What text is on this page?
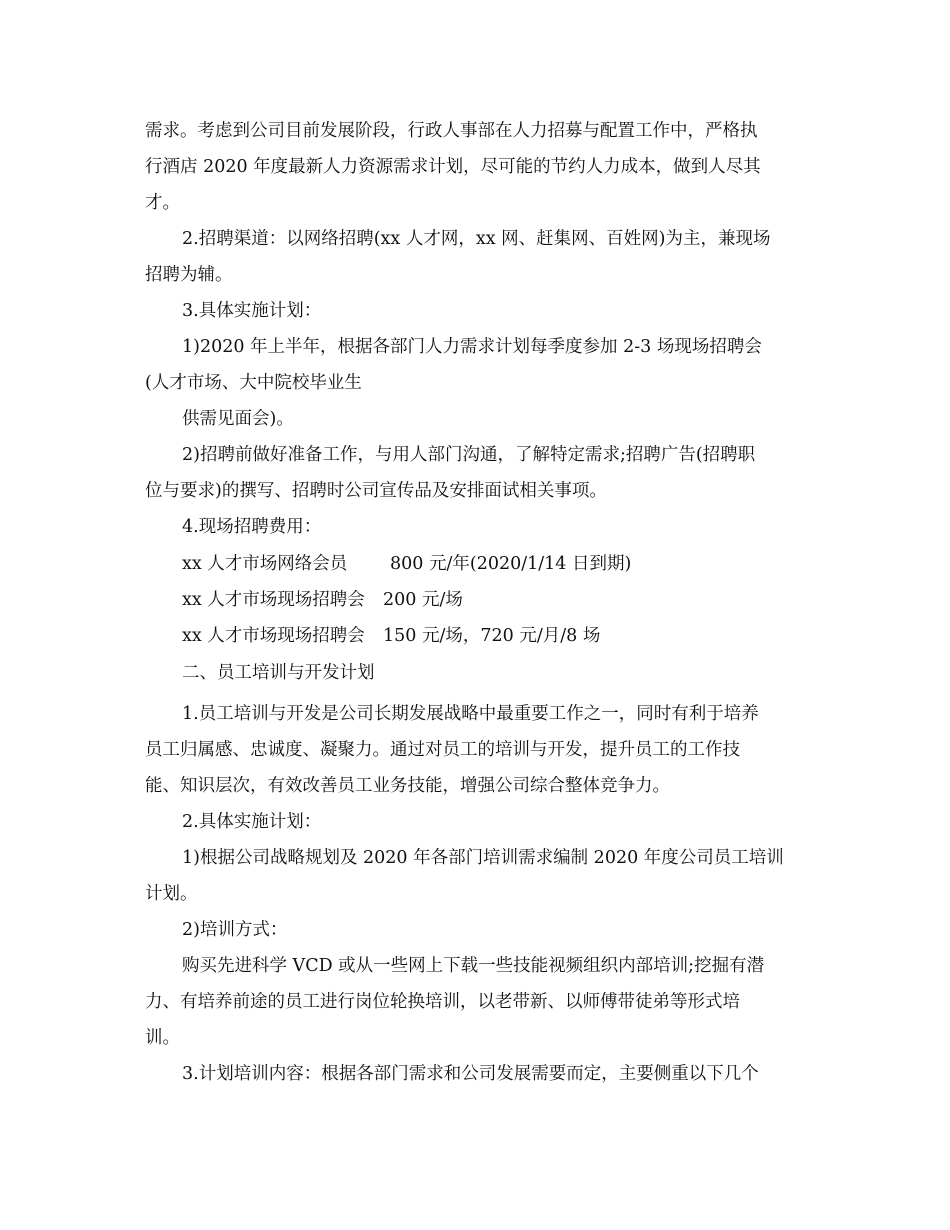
需求。考虑到公司目前发展阶段，行政人事部在人力招募与配置工作中，严格执
行酒店 2020 年度最新人力资源需求计划，尽可能的节约人力成本，做到人尽其
才。
2.招聘渠道：以网络招聘(xx 人才网，xx 网、赶集网、百姓网)为主，兼现场
招聘为辅。
3.具体实施计划：
1)2020 年上半年，根据各部门人力需求计划每季度参加 2-3 场现场招聘会
(人才市场、大中院校毕业生
供需见面会)。
2)招聘前做好准备工作，与用人部门沟通，了解特定需求;招聘广告(招聘职
位与要求)的撰写、招聘时公司宣传品及安排面试相关事项。
4.现场招聘费用：
xx 人才市场网络会员 800 元/年(2020/1/14 日到期)
xx 人才市场现场招聘会 200 元/场
xx 人才市场现场招聘会 150 元/场，720 元/月/8 场
二、员工培训与开发计划
1.员工培训与开发是公司长期发展战略中最重要工作之一，同时有利于培养
员工归属感、忠诚度、凝聚力。通过对员工的培训与开发，提升员工的工作技
能、知识层次，有效改善员工业务技能，增强公司综合整体竞争力。
2.具体实施计划：
1)根据公司战略规划及 2020 年各部门培训需求编制 2020 年度公司员工培训
计划。
2)培训方式：
购买先进科学 VCD 或从一些网上下载一些技能视频组织内部培训;挖掘有潜
力、有培养前途的员工进行岗位轮换培训，以老带新、以师傅带徒弟等形式培
训。
3.计划培训内容：根据各部门需求和公司发展需要而定，主要侧重以下几个
